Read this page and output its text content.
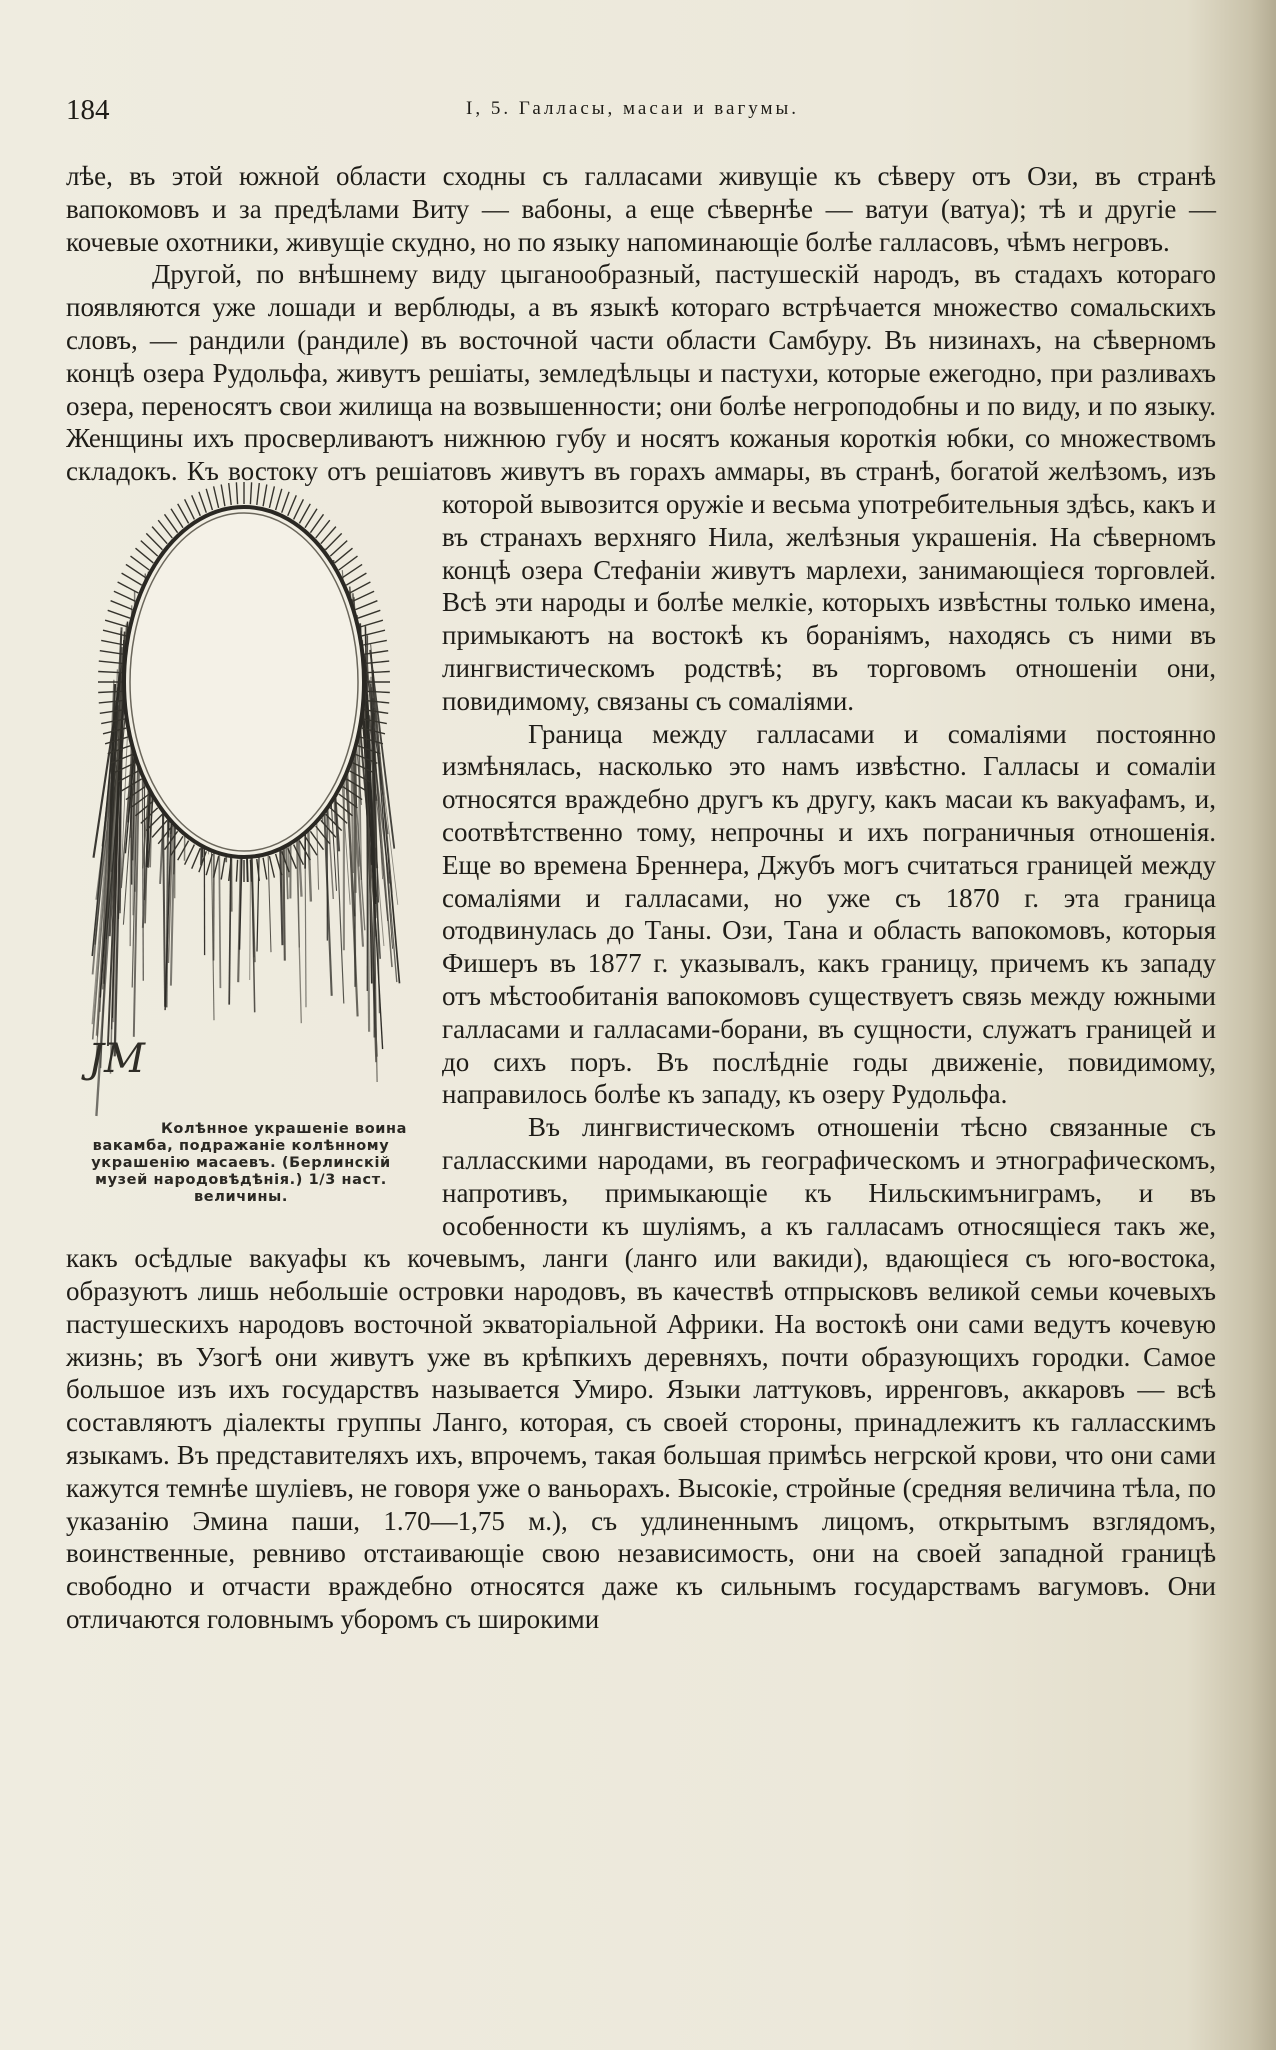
184	I, 5. Галласы, масаи и вагумы.

лѣе, въ этой южной области сходны съ галласами живущіе къ сѣверу отъ Ози, въ странѣ вапокомовъ и за предѣлами Виту — вабоны, а еще сѣвернѣе — ватуи (ватуа); тѣ и другіе — кочевые охотники, живущіе скудно, но по языку напоминающіе болѣе галласовъ, чѣмъ негровъ.

Другой, по внѣшнему виду цыганообразный, пастушескій народъ, въ стадахъ котораго появляются уже лошади и верблюды, а въ языкѣ котораго встрѣчается множество сомальскихъ словъ, — рандили (рандиле) въ восточной части области Самбуру. Въ низинахъ, на сѣверномъ концѣ озера Рудольфа, живутъ решіаты, земледѣльцы и пастухи, которые ежегодно, при разливахъ озера, переносятъ свои жилища на возвышенности; они болѣе негроподобны и по виду, и по языку. Женщины ихъ просверливаютъ нижнюю губу и носятъ кожаныя короткія юбки, со множествомъ складокъ.
JM
Колѣнное украшеніе воина вакамба, подражаніе колѣнному украшенію масаевъ. (Берлинскій музей народовѣдѣнія.) 1/3 наст. величины.
Къ востоку отъ решіатовъ живутъ въ горахъ аммары, въ странѣ, богатой желѣзомъ, изъ которой вывозится оружіе и весьма употребительныя здѣсь, какъ и въ странахъ верхняго Нила, желѣзныя украшенія. На сѣверномъ концѣ озера Стефаніи живутъ марлехи, занимающіеся торговлей. Всѣ эти народы и болѣе мелкіе, которыхъ извѣстны только имена, примыкаютъ на востокѣ къ бораніямъ, находясь съ ними въ лингвистическомъ родствѣ; въ торговомъ отношеніи они, повидимому, связаны съ сомаліями.

Граница между галласами и сомаліями постоянно измѣнялась, насколько это намъ извѣстно. Галласы и сомаліи относятся враждебно другъ къ другу, какъ масаи къ вакуафамъ, и, соотвѣтственно тому, непрочны и ихъ пограничныя отношенія. Еще во времена Бреннера, Джубъ могъ считаться границей между сомаліями и галласами, но уже съ 1870 г. эта граница отодвинулась до Таны. Ози, Тана и область вапокомовъ, которыя Фишеръ въ 1877 г. указывалъ, какъ границу, причемъ къ западу отъ мѣстообитанія вапокомовъ существуетъ связь между южными галласами и галласами-борани, въ сущности, служатъ границей и до сихъ поръ. Въ послѣдніе годы движеніе, повидимому, направилось болѣе къ западу, къ озеру Рудольфа.

Въ лингвистическомъ отношеніи тѣсно связанные съ галласскими народами, въ географическомъ и этнографическомъ, напротивъ, примыкающіе къ Нильскимъниграмъ, и въ особенности къ шуліямъ, а къ галласамъ относящіеся такъ же, какъ осѣдлые вакуафы къ кочевымъ, ланги (ланго или вакиди), вдающіеся съ юго-востока, образуютъ лишь небольшіе островки народовъ, въ качествѣ отпрысковъ великой семьи кочевыхъ пастушескихъ народовъ восточной экваторіальной Африки. На востокѣ они сами ведутъ кочевую жизнь; въ Узогѣ они живутъ уже въ крѣпкихъ деревняхъ, почти образующихъ городки. Самое большое изъ ихъ государствъ называется Умиро. Языки латтуковъ, ирренговъ, аккаровъ — всѣ составляютъ діалекты группы Ланго, которая, съ своей стороны, принадлежитъ къ галласскимъ языкамъ. Въ представителяхъ ихъ, впрочемъ, такая большая примѣсь негрской крови, что они сами кажутся темнѣе шуліевъ, не говоря уже о ваньорахъ. Высокіе, стройные (средняя величина тѣла, по указанію Эмина паши, 1.70—1,75 м.), съ удлиненнымъ лицомъ, открытымъ взглядомъ, воинственные, ревниво отстаивающіе свою независимость, они на своей западной границѣ свободно и отчасти враждебно относятся даже къ сильнымъ государствамъ вагумовъ. Они отличаются головнымъ уборомъ съ широкими
